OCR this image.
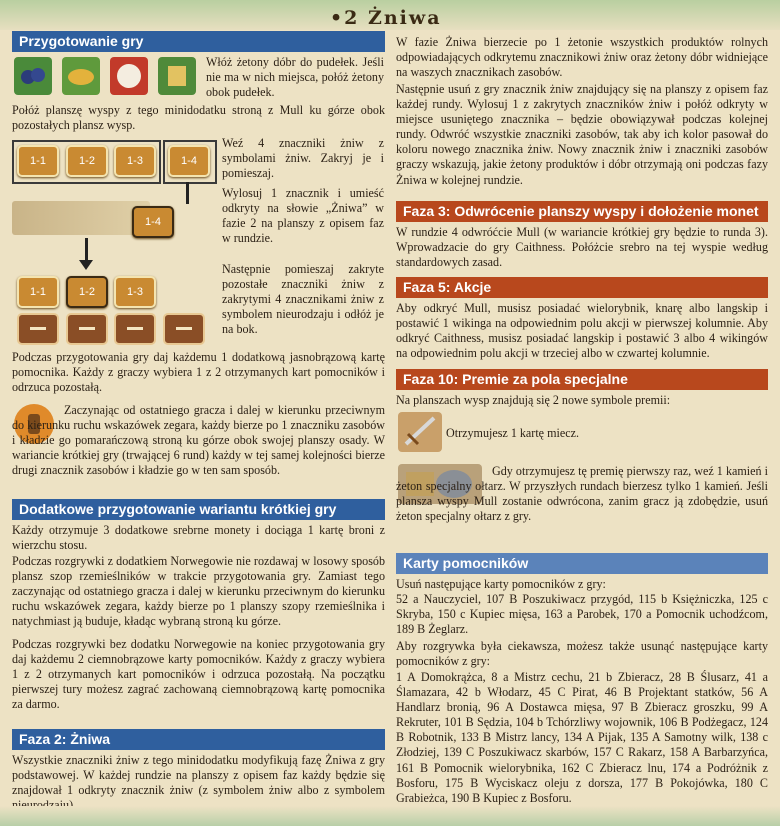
•2 Żniwa
Przygotowanie gry

Włóż żetony dóbr do pudełek. Jeśli nie ma w nich miejsca, połóż żetony obok pudełek.

Połóż planszę wyspy z tego minidodatku stroną z Mull ku górze obok pozostałych plansz wysp.

1-1	1-2	1-3	1-4

Weź 4 znaczniki żniw z symbolami żniw. Zakryj je i pomieszaj.

1-4

Wylosuj 1 znacznik i umieść odkryty na słowie „Żniwa” w fazie 2 na planszy z opisem faz w rundzie.

1-1	1-2	1-3

Następnie pomieszaj zakryte pozostałe znaczniki żniw z zakrytymi 4 znacznikami żniw z symbolem nieurodzaju i odłóż je na bok.

Podczas przygotowania gry daj każdemu 1 dodatkową jasnobrązową kartę pomocnika. Każdy z graczy wybiera 1 z 2 otrzymanych kart pomocników i odrzuca pozostałą.

Zaczynając od ostatniego gracza i dalej w kierunku przeciwnym do kierunku ruchu wskazówek zegara, każdy bierze po 1 znaczniku zasobów i kładzie go pomarańczową stroną ku górze obok swojej planszy osady. W wariancie krótkiej gry (trwającej 6 rund) każdy w tej samej kolejności bierze drugi znacznik zasobów i kładzie go w ten sam sposób.

Dodatkowe przygotowanie wariantu krótkiej gry

Każdy otrzymuje 3 dodatkowe srebrne monety i dociąga 1 kartę broni z wierzchu stosu.

Podczas rozgrywki z dodatkiem Norwegowie nie rozdawaj w losowy sposób plansz szop rzemieślników w trakcie przygotowania gry. Zamiast tego zaczynając od ostatniego gracza i dalej w kierunku przeciwnym do kierunku ruchu wskazówek zegara, każdy bierze po 1 planszy szopy rzemieślnika i natychmiast ją buduje, kładąc wybraną stroną ku górze.

Podczas rozgrywki bez dodatku Norwegowie na koniec przygotowania gry daj każdemu 2 ciemnobrązowe karty pomocników. Każdy z graczy wybiera 1 z 2 otrzymanych kart pomocników i odrzuca pozostałą. Na początku pierwszej tury możesz zagrać zachowaną ciemnobrązową kartę pomocnika za darmo.

Faza 2: Żniwa

Wszystkie znaczniki żniw z tego minidodatku modyfikują fazę Żniwa z gry podstawowej. W każdej rundzie na planszy z opisem faz każdy będzie się znajdował 1 odkryty znacznik żniw (z symbolem żniw albo z symbolem

W fazie Żniwa bierzecie po 1 żetonie wszystkich produktów rolnych odpowiadających odkrytemu znacznikowi żniw oraz żetony dóbr widniejące na waszych znacznikach zasobów.

Następnie usuń z gry znacznik żniw znajdujący się na planszy z opisem faz każdej rundy. Wylosuj 1 z zakrytych znaczników żniw i połóż odkryty w miejsce usuniętego znacznika – będzie obowiązywał podczas kolejnej rundy. Odwróć wszystkie znaczniki zasobów, tak aby ich kolor pasował do koloru nowego znacznika żniw. Nowy znacznik żniw i znaczniki zasobów graczy wskazują, jakie żetony produktów i dóbr otrzymają oni podczas fazy Żniwa w kolejnej rundzie.

Faza 3: Odwrócenie planszy wyspy i dołożenie monet

W rundzie 4 odwróćcie Mull (w wariancie krótkiej gry będzie to runda 3). Wprowadzacie do gry Caithness. Połóżcie srebro na tej wyspie według standardowych zasad.

Faza 5: Akcje

Aby odkryć Mull, musisz posiadać wielorybnik, knarę albo langskip i postawić 1 wikinga na odpowiednim polu akcji w pierwszej kolumnie. Aby odkryć Caithness, musisz posiadać langskip i postawić 3 albo 4 wikingów na odpowiednim polu akcji w trzeciej albo w czwartej kolumnie.

Faza 10: Premie za pola specjalne

Na planszach wysp znajdują się 2 nowe symbole premii:

Otrzymujesz 1 kartę miecz.

Gdy otrzymujesz tę premię pierwszy raz, weź 1 kamień i żeton specjalny ołtarz. W przyszłych rundach bierzesz tylko 1 kamień. Jeśli plansza wyspy Mull zostanie odwrócona, zanim gracz ją zdobędzie, usuń żeton specjalny ołtarz z gry.

Karty pomocników

Usuń następujące karty pomocników z gry:

52 a Nauczyciel, 107 B Poszukiwacz przygód, 115 b Księżniczka, 125 c Skryba, 150 c Kupiec mięsa, 163 a Parobek, 170 a Pomocnik uchodźcom, 189 B Żeglarz.

Aby rozgrywka była ciekawsza, możesz także usunąć następujące karty pomocników z gry:

1 A Domokrążca, 8 a Mistrz cechu, 21 b Zbieracz, 28 B Ślusarz, 41 a Ślamazara, 42 b Włodarz, 45 C Pirat, 46 B Projektant statków, 56 A Handlarz bronią, 96 A Dostawca mięsa, 97 B Zbieracz groszku, 99 A Rekruter, 101 B Sędzia, 104 b Tchórzliwy wojownik, 106 B Podżegacz, 124 B Robotnik, 133 B Mistrz lancy, 134 A Pijak, 135 A Samotny wilk, 138 c Złodziej, 139 C Poszukiwacz skarbów, 157 C Rakarz, 158 A Barbarzyńca, 161 B Pomocnik wielorybnika, 162 C Zbieracz lnu, 174 a Podróżnik z Bosforu, 175 B Wyciskacz oleju z dorsza, 177 B Pokojówka, 180 C Grabieżca, 190 B Kupiec z Bosforu.
